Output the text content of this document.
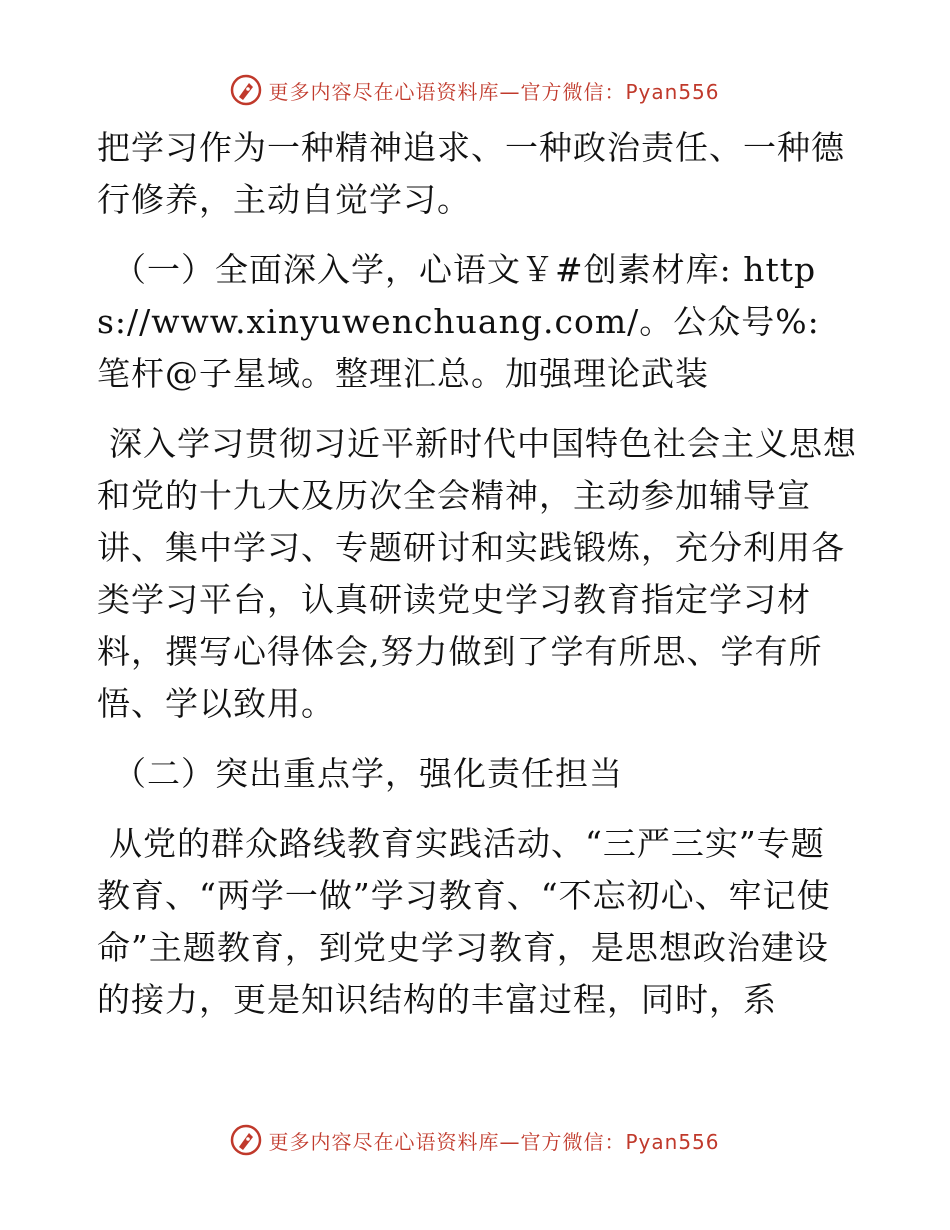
更多内容尽在心语资料库—官方微信：Pyan556

把学习作为一种精神追求、一种政治责任、一种德行修养，主动自觉学习。

（一）全面深入学，心语文￥#创素材库: https://www.xinyuwenchuang.com/。公众号%: 笔杆@子星域。整理汇总。加强理论武装

深入学习贯彻习近平新时代中国特色社会主义思想和党的十九大及历次全会精神，主动参加辅导宣讲、集中学习、专题研讨和实践锻炼，充分利用各类学习平台，认真研读党史学习教育指定学习材料，撰写心得体会,努力做到了学有所思、学有所悟、学以致用。

（二）突出重点学，强化责任担当

从党的群众路线教育实践活动、“三严三实”专题教育、“两学一做”学习教育、“不忘初心、牢记使命”主题教育，到党史学习教育，是思想政治建设的接力，更是知识结构的丰富过程，同时，系

更多内容尽在心语资料库—官方微信：Pyan556
